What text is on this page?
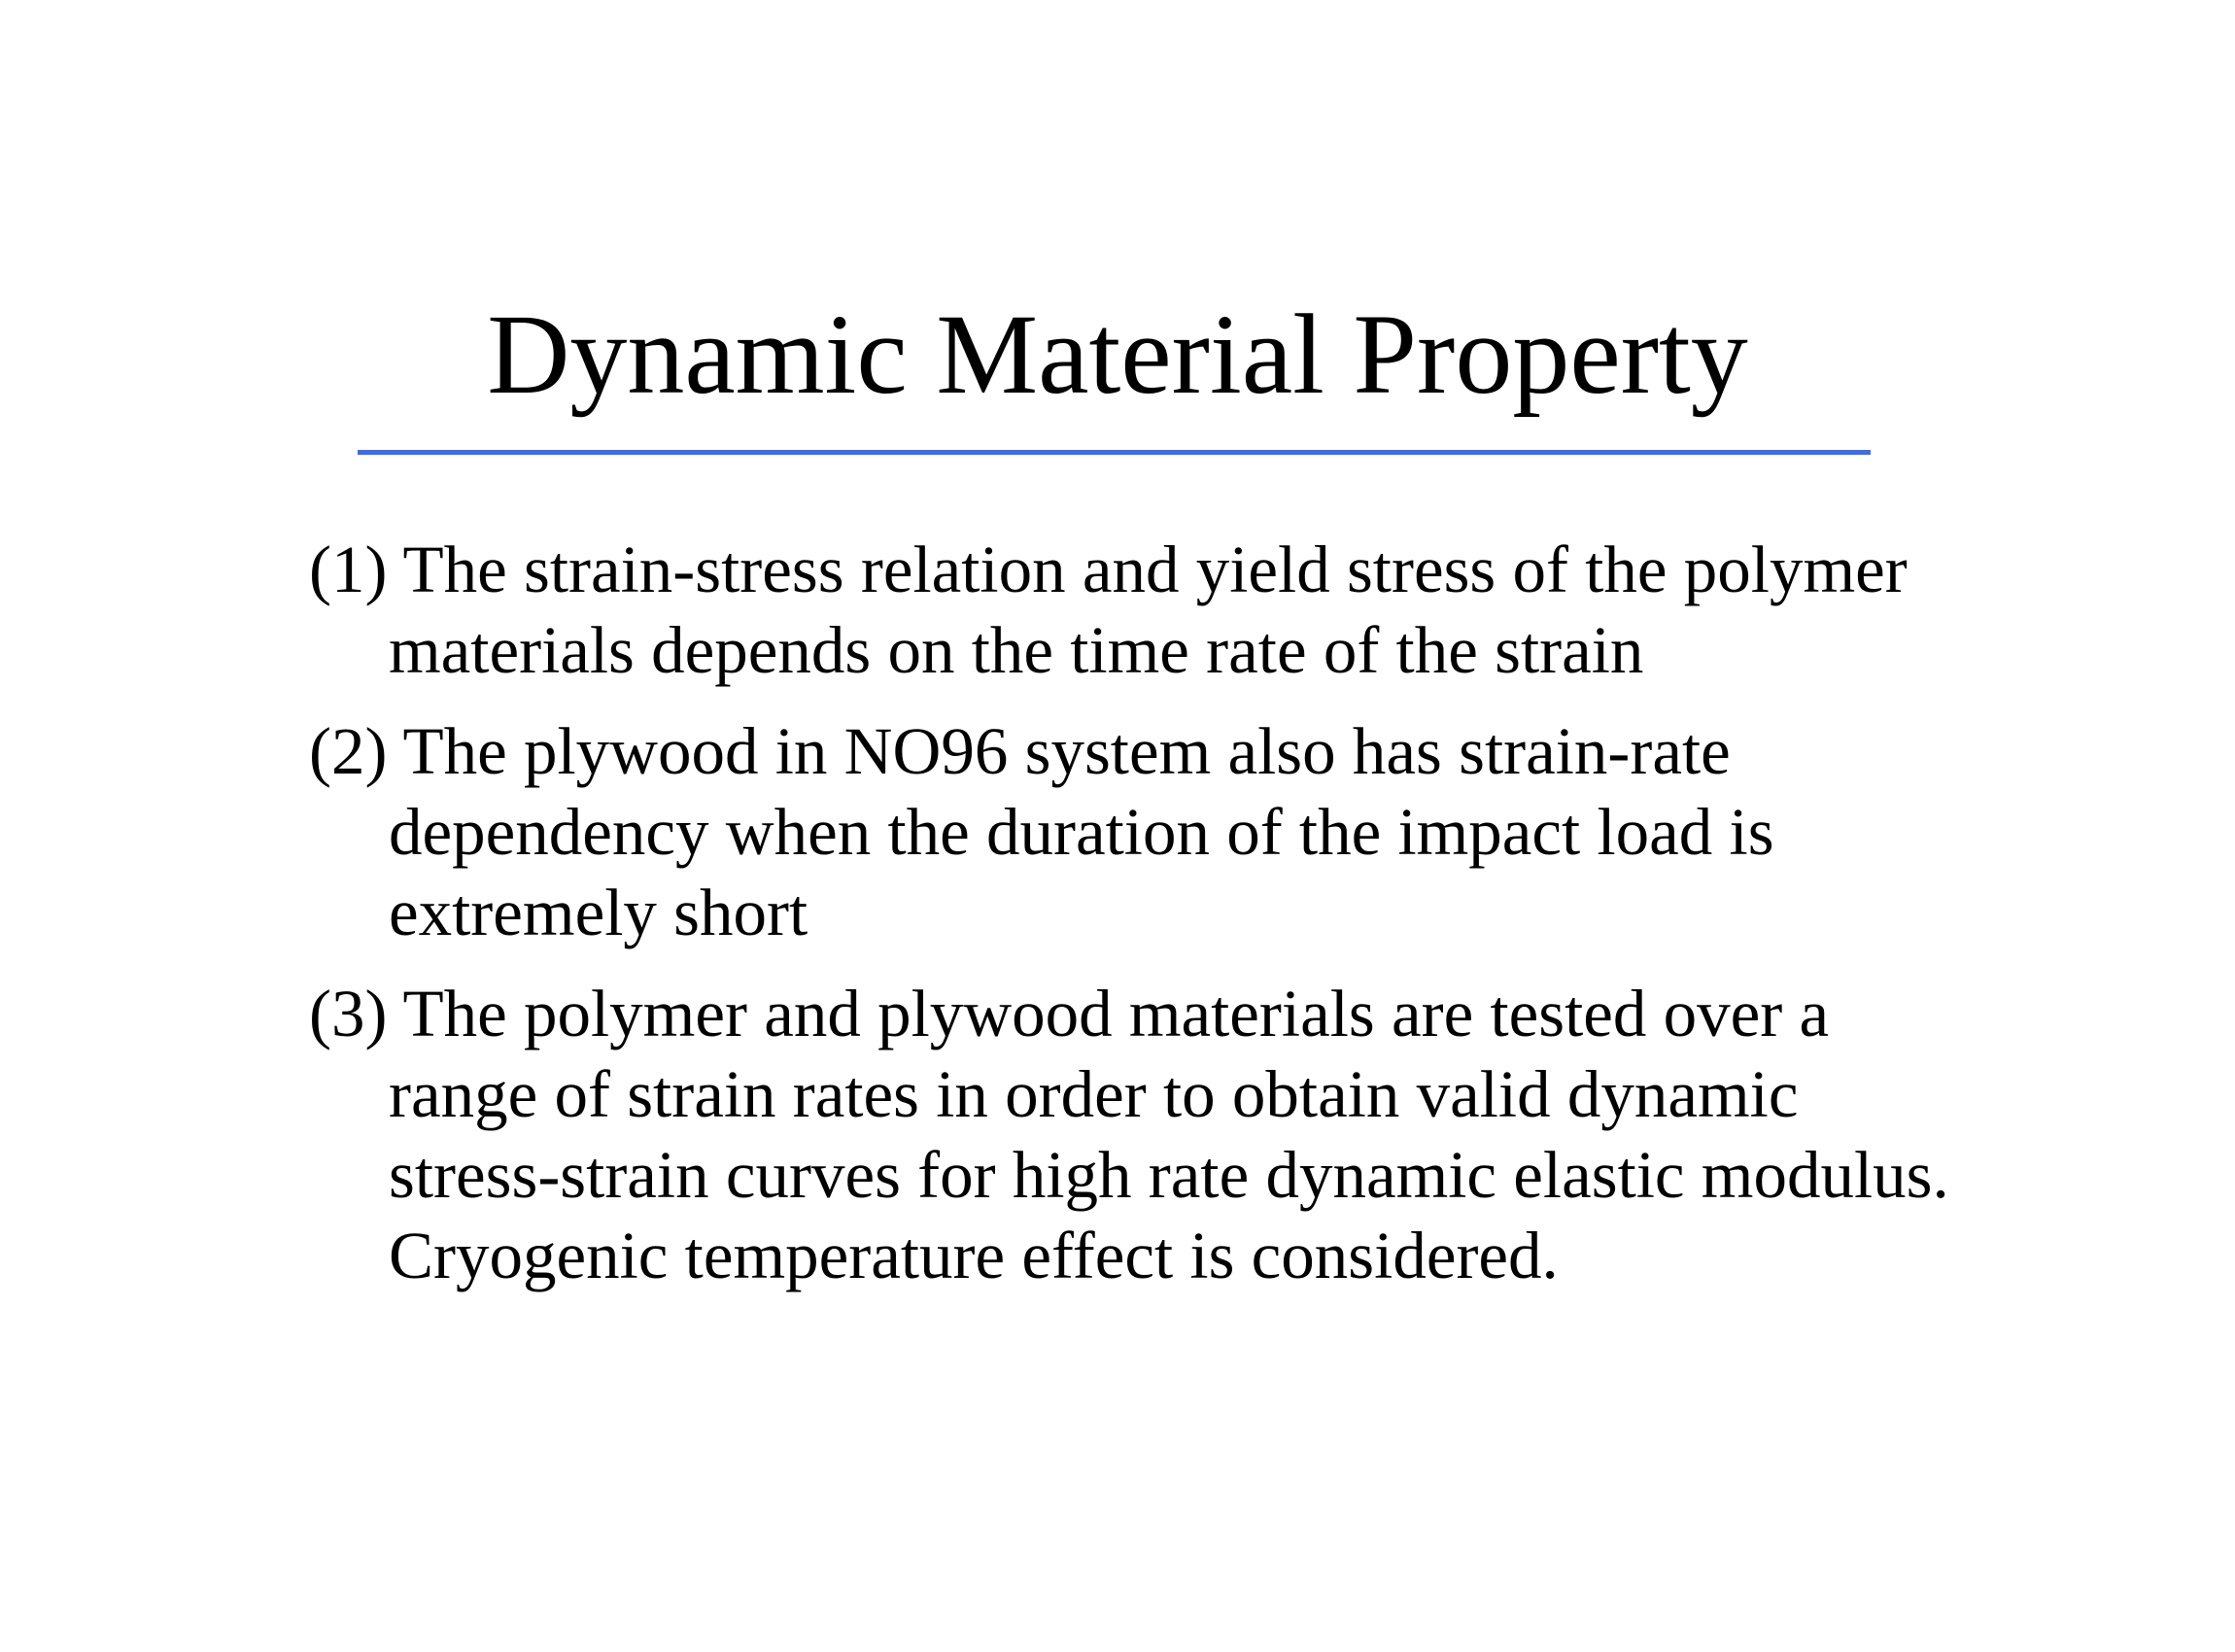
Dynamic Material Property
(1) The strain-stress relation and yield stress of the polymer materials depends on the time rate of the strain
(2) The plywood in NO96 system also has strain-rate dependency when the duration of the impact load is extremely short
(3) The polymer and plywood materials are tested over a range of strain rates in order to obtain valid dynamic stress-strain curves for high rate dynamic elastic modulus. Cryogenic temperature effect is considered.
